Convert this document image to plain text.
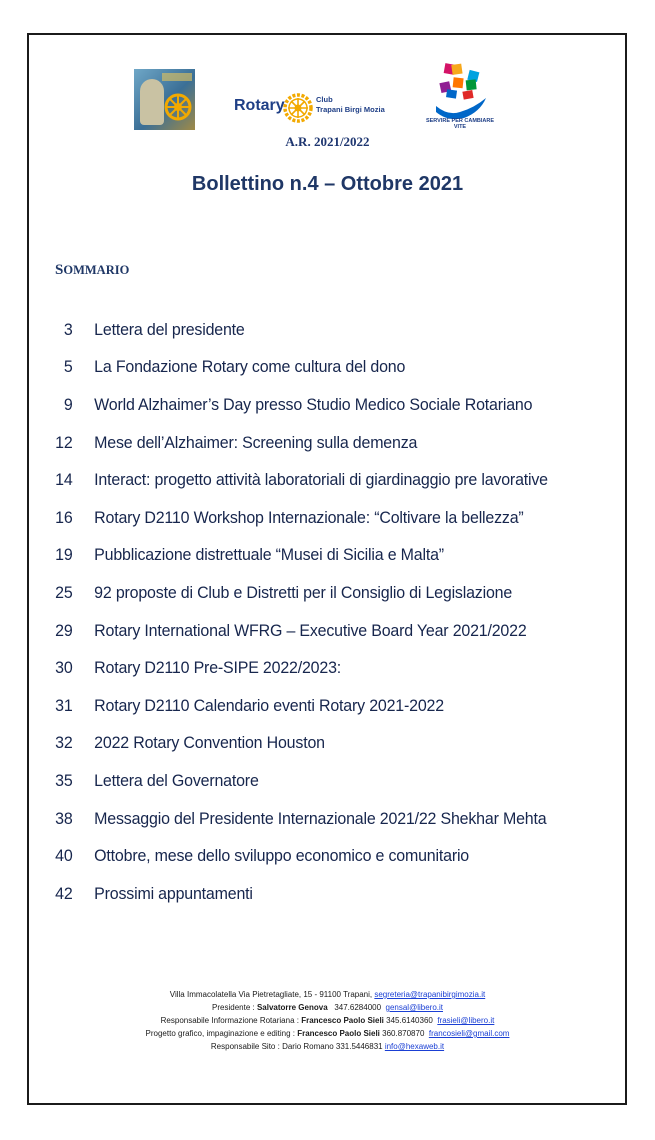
Rotary	Club
Trapani Birgi Mozia
A.R. 2021/2022
SERVIRE PER CAMBIARE VITE
Bollettino n.4 – Ottobre 2021
SOMMARIO
3 Lettera del presidente
5 La Fondazione Rotary come cultura del dono
9 World Alzhaimer’s Day presso Studio Medico Sociale Rotariano
12 Mese dell’Alzhaimer: Screening sulla demenza
14 Interact: progetto attività laboratoriali di giardinaggio pre lavorative
16 Rotary D2110 Workshop Internazionale: “Coltivare la bellezza”
19 Pubblicazione distrettuale “Musei di Sicilia e Malta”
25 92 proposte di Club e Distretti per il Consiglio di Legislazione
29 Rotary International WFRG – Executive Board Year 2021/2022
30 Rotary D2110 Pre-SIPE 2022/2023:
31 Rotary D2110 Calendario eventi Rotary 2021-2022
32 2022 Rotary Convention Houston
35 Lettera del Governatore
38 Messaggio del Presidente Internazionale 2021/22 Shekhar Mehta
40 Ottobre, mese dello sviluppo economico e comunitario
42 Prossimi appuntamenti
Villa Immacolatella Via Pietretagliate, 15 - 91100 Trapani, segreteria@trapanibirgimozia.it
Presidente : Salvatorre Genova 347.6284000 gensal@libero.it
Responsabile Informazione Rotariana : Francesco Paolo Sieli 345.6140360 frasieli@libero.it
Progetto grafico, impaginazione e editing : Francesco Paolo Sieli 360.870870 francosieli@gmail.com
Responsabile Sito : Dario Romano 331.5446831 info@hexaweb.it
